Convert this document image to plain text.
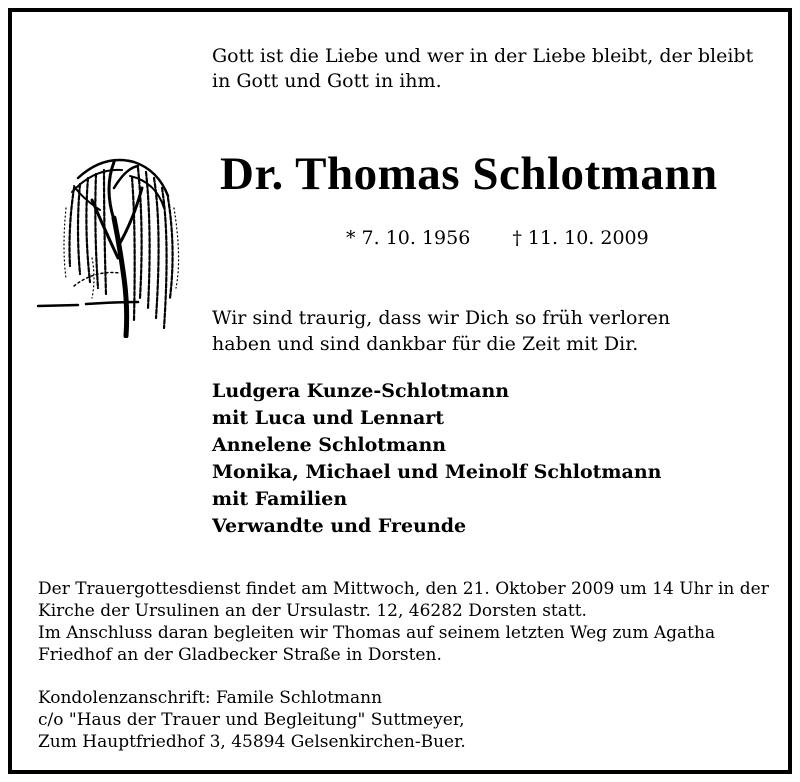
Gott ist die Liebe und wer in der Liebe bleibt, der bleibt
in Gott und Gott in ihm.
Dr. Thomas Schlotmann
* 7. 10. 1956 † 11. 10. 2009
Wir sind traurig, dass wir Dich so früh verloren
haben und sind dankbar für die Zeit mit Dir.
Ludgera Kunze-Schlotmann
mit Luca und Lennart
Annelene Schlotmann
Monika, Michael und Meinolf Schlotmann
mit Familien
Verwandte und Freunde
Der Trauergottesdienst findet am Mittwoch, den 21. Oktober 2009 um 14 Uhr in der
Kirche der Ursulinen an der Ursulastr. 12, 46282 Dorsten statt.
Im Anschluss daran begleiten wir Thomas auf seinem letzten Weg zum Agatha
Friedhof an der Gladbecker Straße in Dorsten.
Kondolenzanschrift: Famile Schlotmann
c/o "Haus der Trauer und Begleitung" Suttmeyer,
Zum Hauptfriedhof 3, 45894 Gelsenkirchen-Buer.
